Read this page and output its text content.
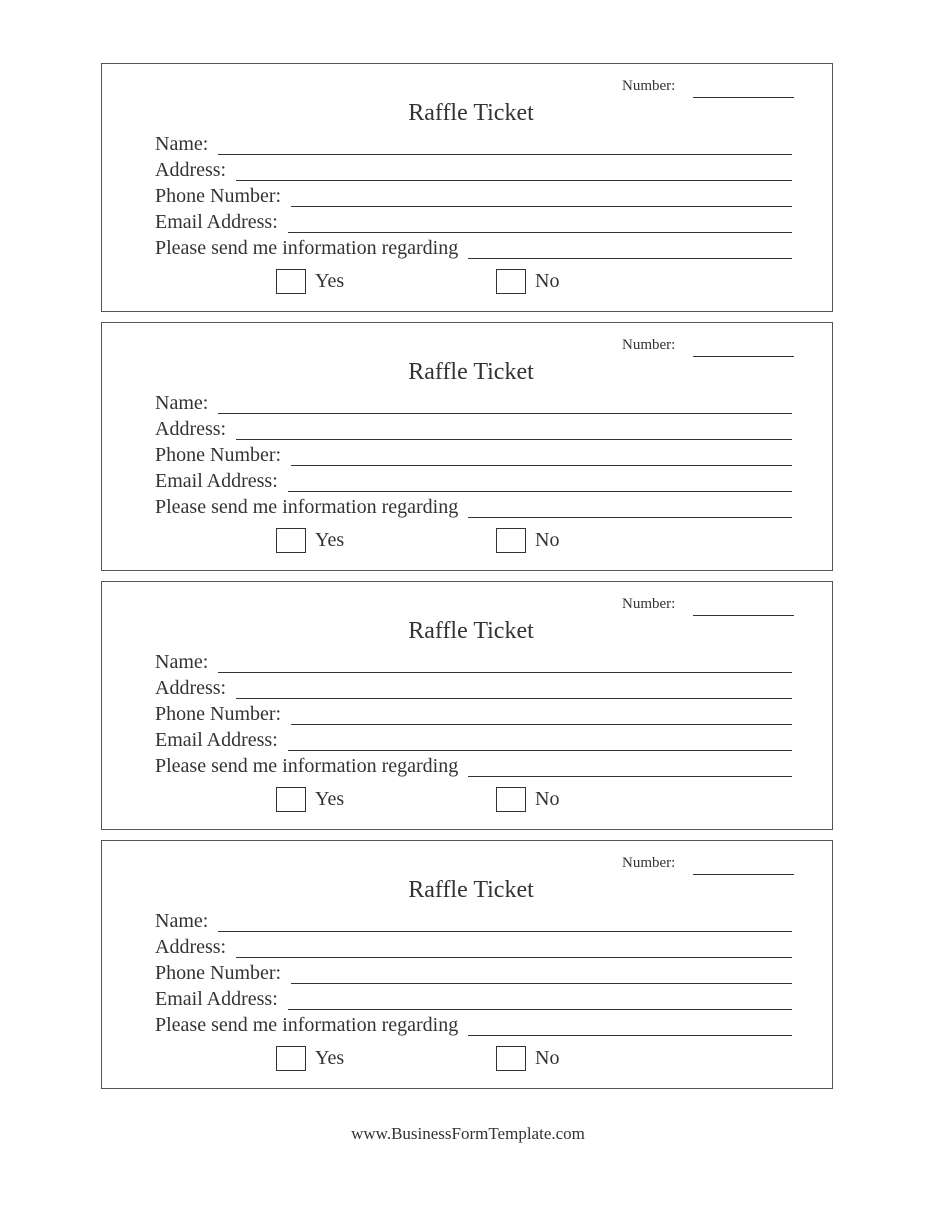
Number:
Raffle Ticket
Name:
Address:
Phone Number:
Email Address:
Please send me information regarding
Yes	No
Number:
Raffle Ticket
Name:
Address:
Phone Number:
Email Address:
Please send me information regarding
Yes	No
Number:
Raffle Ticket
Name:
Address:
Phone Number:
Email Address:
Please send me information regarding
Yes	No
Number:
Raffle Ticket
Name:
Address:
Phone Number:
Email Address:
Please send me information regarding
Yes	No
www.BusinessFormTemplate.com
